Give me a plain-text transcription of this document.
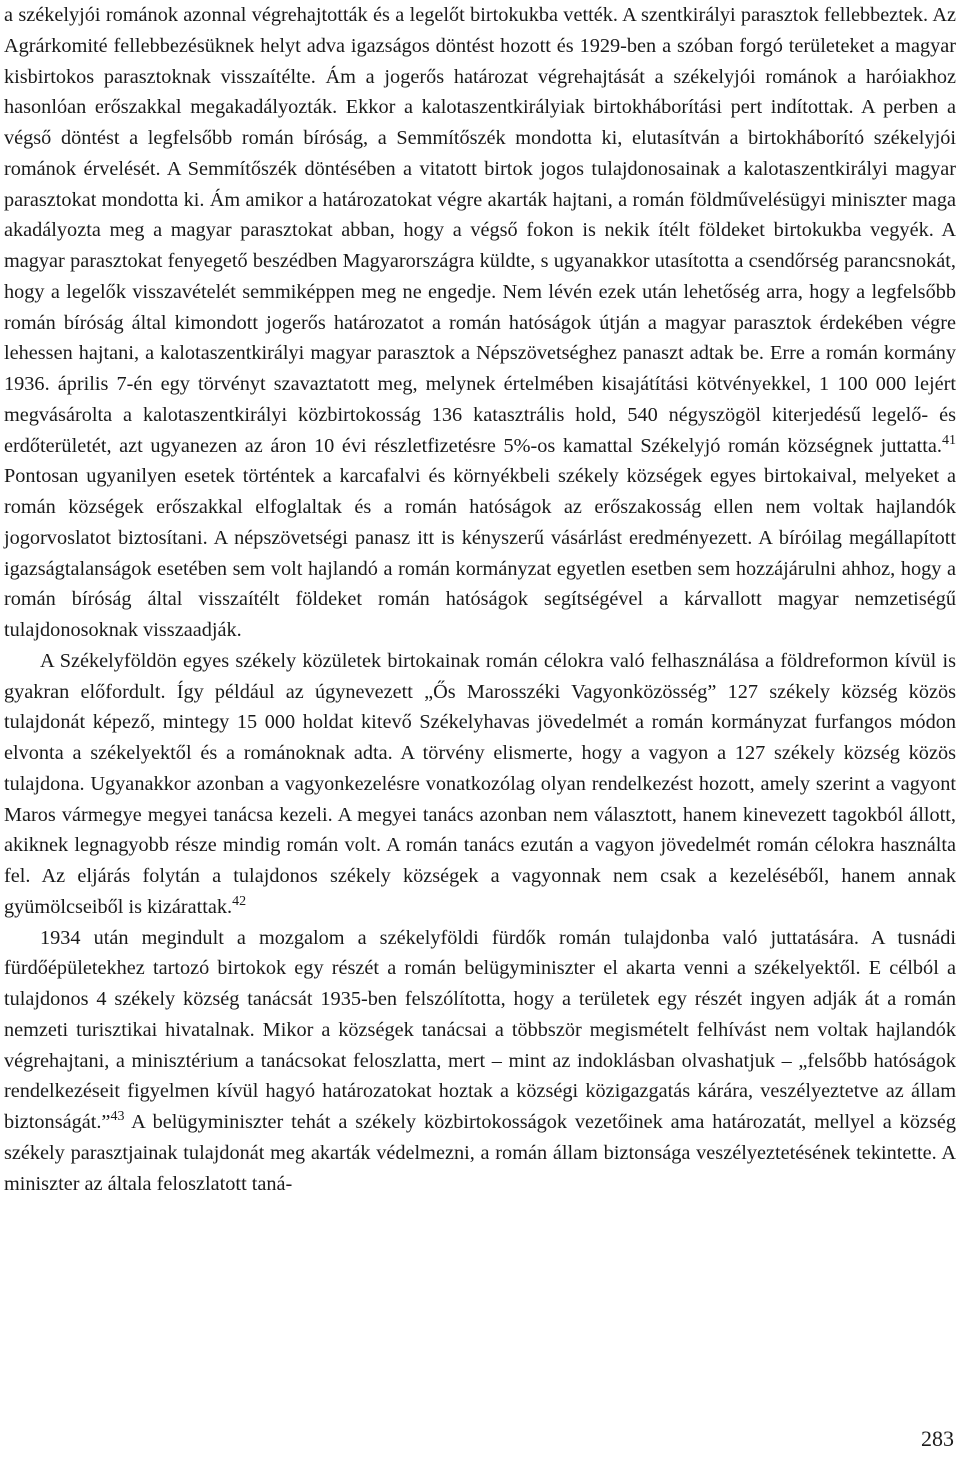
a székelyjói románok azonnal végrehajtották és a legelőt birtokukba vették. A szentkirályi parasztok fellebbeztek. Az Agrárkomité fellebbezésüknek helyt adva igazságos döntést hozott és 1929-ben a szóban forgó területeket a magyar kisbirtokos parasztoknak visszaítélte. Ám a jogerős határozat végrehajtását a székelyjói románok a haróiakhoz hasonlóan erőszakkal megakadályozták. Ekkor a kalotaszentkirályiak birtokháborítási pert indítottak. A perben a végső döntést a legfelsőbb román bíróság, a Semmítőszék mondotta ki, elutasítván a birtokháborító székelyjói románok érvelését. A Semmítőszék döntésében a vitatott birtok jogos tulajdonosainak a kalotaszentkirályi magyar parasztokat mondotta ki. Ám amikor a határozatokat végre akarták hajtani, a román földművelésügyi miniszter maga akadályozta meg a magyar parasztokat abban, hogy a végső fokon is nekik ítélt földeket birtokukba vegyék. A magyar parasztokat fenyegető beszédben Magyarországra küldte, s ugyanakkor utasította a csendőrség parancsnokát, hogy a legelők visszavételét semmiképpen meg ne engedje. Nem lévén ezek után lehetőség arra, hogy a legfelsőbb román bíróság által kimondott jogerős határozatot a román hatóságok útján a magyar parasztok érdekében végre lehessen hajtani, a kalotaszentkirályi magyar parasztok a Népszövetséghez panaszt adtak be. Erre a román kormány 1936. április 7-én egy törvényt szavaztatott meg, melynek értelmében kisajátítási kötvényekkel, 1 100 000 lejért megvásárolta a kalotaszentkirályi közbirtokosság 136 katasztrális hold, 540 négyszögöl kiterjedésű legelő- és erdőterületét, azt ugyanezen az áron 10 évi részletfizetésre 5%-os kamattal Székelyjó román községnek juttatta.$^{41}$ Pontosan ugyanilyen esetek történtek a karcafalvi és környékbeli székely községek egyes birtokaival, melyeket a román községek erőszakkal elfoglaltak és a román hatóságok az erőszakosság ellen nem voltak hajlandók jogorvoslatot biztosítani. A népszövetségi panasz itt is kényszerű vásárlást eredményezett. A bíróilag megállapított igazságtalanságok esetében sem volt hajlandó a román kormányzat egyetlen esetben sem hozzájárulni ahhoz, hogy a román bíróság által visszaítélt földeket román hatóságok segítségével a kárvallott magyar nemzetiségű tulajdonosoknak visszaadják.

A Székelyföldön egyes székely közületek birtokainak román célokra való felhasználása a földreformon kívül is gyakran előfordult. Így például az úgynevezett „Ős Marosszéki Vagyonközösség” 127 székely község közös tulajdonát képező, mintegy 15 000 holdat kitevő Székelyhavas jövedelmét a román kormányzat furfangos módon elvonta a székelyektől és a románoknak adta. A törvény elismerte, hogy a vagyon a 127 székely község közös tulajdona. Ugyanakkor azonban a vagyonkezelésre vonatkozólag olyan rendelkezést hozott, amely szerint a vagyont Maros vármegye megyei tanácsa kezeli. A megyei tanács azonban nem választott, hanem kinevezett tagokból állott, akiknek legnagyobb része mindig román volt. A román tanács ezután a vagyon jövedelmét román célokra használta fel. Az eljárás folytán a tulajdonos székely községek a vagyonnak nem csak a kezeléséből, hanem annak gyümölcseiből is kizárattak.$^{42}$

1934 után megindult a mozgalom a székelyföldi fürdők román tulajdonba való juttatására. A tusnádi fürdőépületekhez tartozó birtokok egy részét a román belügyminiszter el akarta venni a székelyektől. E célból a tulajdonos 4 székely község tanácsát 1935-ben felszólította, hogy a területek egy részét ingyen adják át a román nemzeti turisztikai hivatalnak. Mikor a községek tanácsai a többször megismételt felhívást nem voltak hajlandók végrehajtani, a minisztérium a tanácsokat feloszlatta, mert – mint az indoklásban olvashatjuk – „felsőbb hatóságok rendelkezéseit figyelmen kívül hagyó határozatokat hoztak a községi közigazgatás kárára, veszélyeztetve az állam biztonságát.”$^{43}$ A belügyminiszter tehát a székely közbirtokosságok vezetőinek ama határozatát, mellyel a község székely parasztjainak tulajdonát meg akarták védelmezni, a román állam biztonsága veszélyeztetésének tekintette. A miniszter az általa feloszlatott taná-

283
